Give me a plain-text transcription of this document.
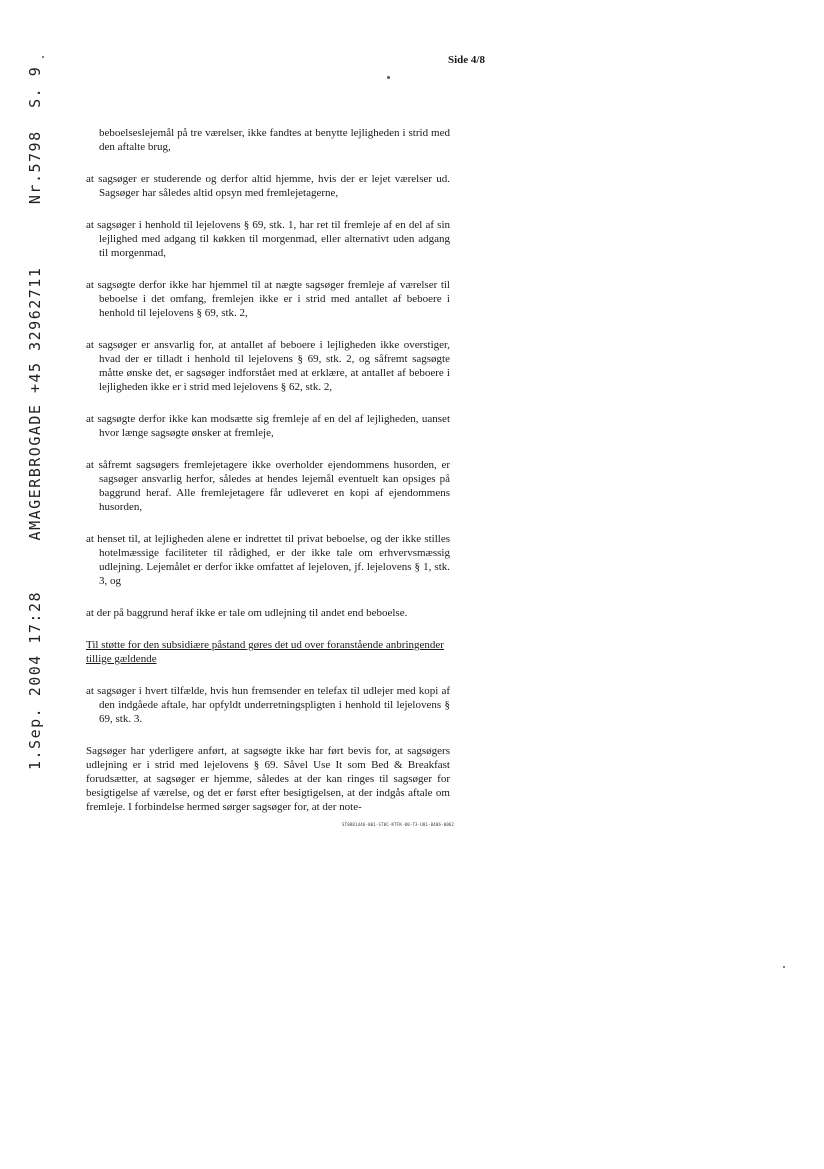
Side 4/8
1.Sep. 2004 17:28 AMAGERBROGADE +45 32962711 Nr.5798 S. 9

beboelseslejemål på tre værelser, ikke fandtes at benytte lejligheden i strid med den aftalte brug,

at sagsøger er studerende og derfor altid hjemme, hvis der er lejet værelser ud. Sagsøger har således altid opsyn med fremlejetagerne,

at sagsøger i henhold til lejelovens § 69, stk. 1, har ret til fremleje af en del af sin lejlighed med adgang til køkken til morgenmad, eller alternativt uden adgang til morgenmad,

at sagsøgte derfor ikke har hjemmel til at nægte sagsøger fremleje af værelser til beboelse i det omfang, fremlejen ikke er i strid med antallet af beboere i henhold til lejelovens § 69, stk. 2,

at sagsøger er ansvarlig for, at antallet af beboere i lejligheden ikke overstiger, hvad der er tilladt i henhold til lejelovens § 69, stk. 2, og såfremt sagsøgte måtte ønske det, er sagsøger indforstået med at erklære, at antallet af beboere i lejligheden ikke er i strid med lejelovens § 62, stk. 2,

at sagsøgte derfor ikke kan modsætte sig fremleje af en del af lejligheden, uanset hvor længe sagsøgte ønsker at fremleje,

at såfremt sagsøgers fremlejetagere ikke overholder ejendommens husorden, er sagsøger ansvarlig herfor, således at hendes lejemål eventuelt kan opsiges på baggrund heraf. Alle fremlejetagere får udleveret en kopi af ejendommens husorden,

at henset til, at lejligheden alene er indrettet til privat beboelse, og der ikke stilles hotelmæssige faciliteter til rådighed, er der ikke tale om erhvervsmæssig udlejning. Lejemålet er derfor ikke omfattet af lejeloven, jf. lejelovens § 1, stk. 3, og

at der på baggrund heraf ikke er tale om udlejning til andet end beboelse.

Til støtte for den subsidiære påstand gøres det ud over foranstående anbringender tillige gældende

at sagsøger i hvert tilfælde, hvis hun fremsender en telefax til udlejer med kopi af den indgåede aftale, har opfyldt underretningspligten i henhold til lejelovens § 69, stk. 3.

Sagsøger har yderligere anført, at sagsøgte ikke har ført bevis for, at sagsøgers udlejning er i strid med lejelovens § 69. Såvel Use It som Bed & Breakfast forudsætter, at sagsøger er hjemme, således at der kan ringes til sagsøger for besigtigelse af værelse, og det er først efter besigtigelsen, at der indgås aftale om fremleje. I forbindelse hermed sørger sagsøger for, at der note-

ST0881446-001-ST0C-KTFK-00-T3-U01-0406-0062
